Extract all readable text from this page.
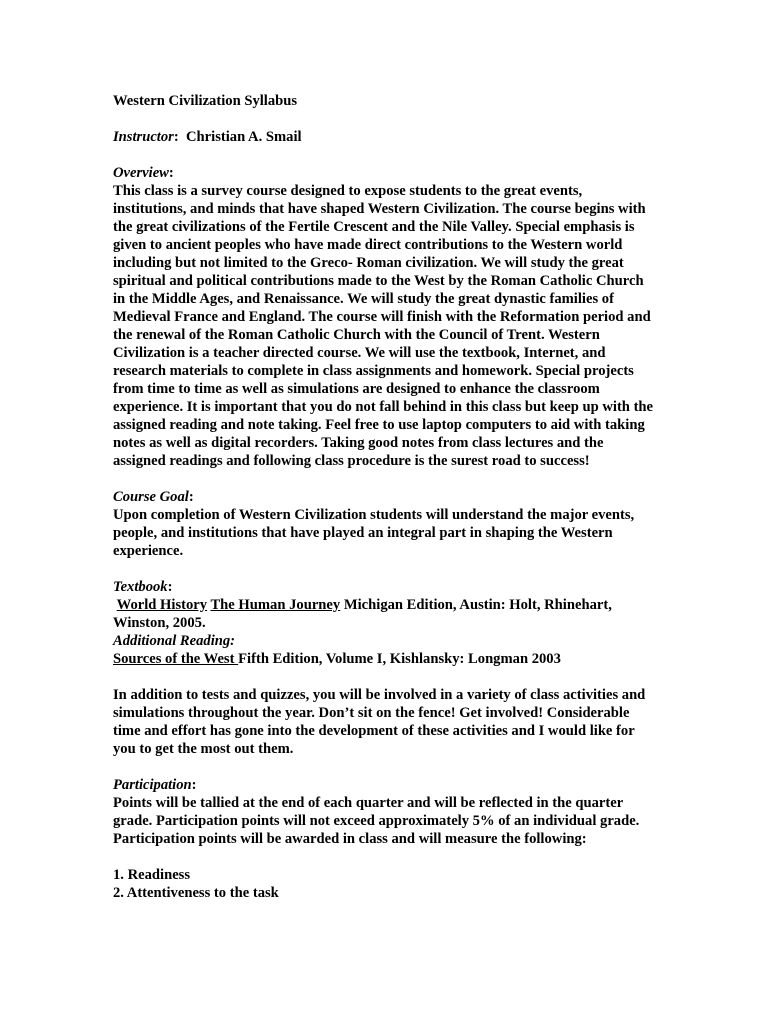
Western Civilization Syllabus

Instructor:  Christian A. Smail

Overview:

This class is a survey course designed to expose students to the great events, institutions, and minds that have shaped Western Civilization. The course begins with the great civilizations of the Fertile Crescent and the Nile Valley. Special emphasis is given to ancient peoples who have made direct contributions to the Western world including but not limited to the Greco- Roman civilization. We will study the great spiritual and political contributions made to the West by the Roman Catholic Church in the Middle Ages, and Renaissance. We will study the great dynastic families of Medieval France and England. The course will finish with the Reformation period and the renewal of the Roman Catholic Church with the Council of Trent. Western Civilization is a teacher directed course. We will use the textbook, Internet, and research materials to complete in class assignments and homework. Special projects from time to time as well as simulations are designed to enhance the classroom experience. It is important that you do not fall behind in this class but keep up with the assigned reading and note taking. Feel free to use laptop computers to aid with taking notes as well as digital recorders. Taking good notes from class lectures and the assigned readings and following class procedure is the surest road to success!

Course Goal:

Upon completion of Western Civilization students will understand the major events, people, and institutions that have played an integral part in shaping the Western experience.

Textbook:

World History The Human Journey Michigan Edition, Austin: Holt, Rhinehart, Winston, 2005.

Additional Reading:

Sources of the West Fifth Edition, Volume I, Kishlansky: Longman 2003

In addition to tests and quizzes, you will be involved in a variety of class activities and simulations throughout the year. Don’t sit on the fence! Get involved! Considerable time and effort has gone into the development of these activities and I would like for you to get the most out them.

Participation:

Points will be tallied at the end of each quarter and will be reflected in the quarter grade. Participation points will not exceed approximately 5% of an individual grade. Participation points will be awarded in class and will measure the following:

1. Readiness

2. Attentiveness to the task
